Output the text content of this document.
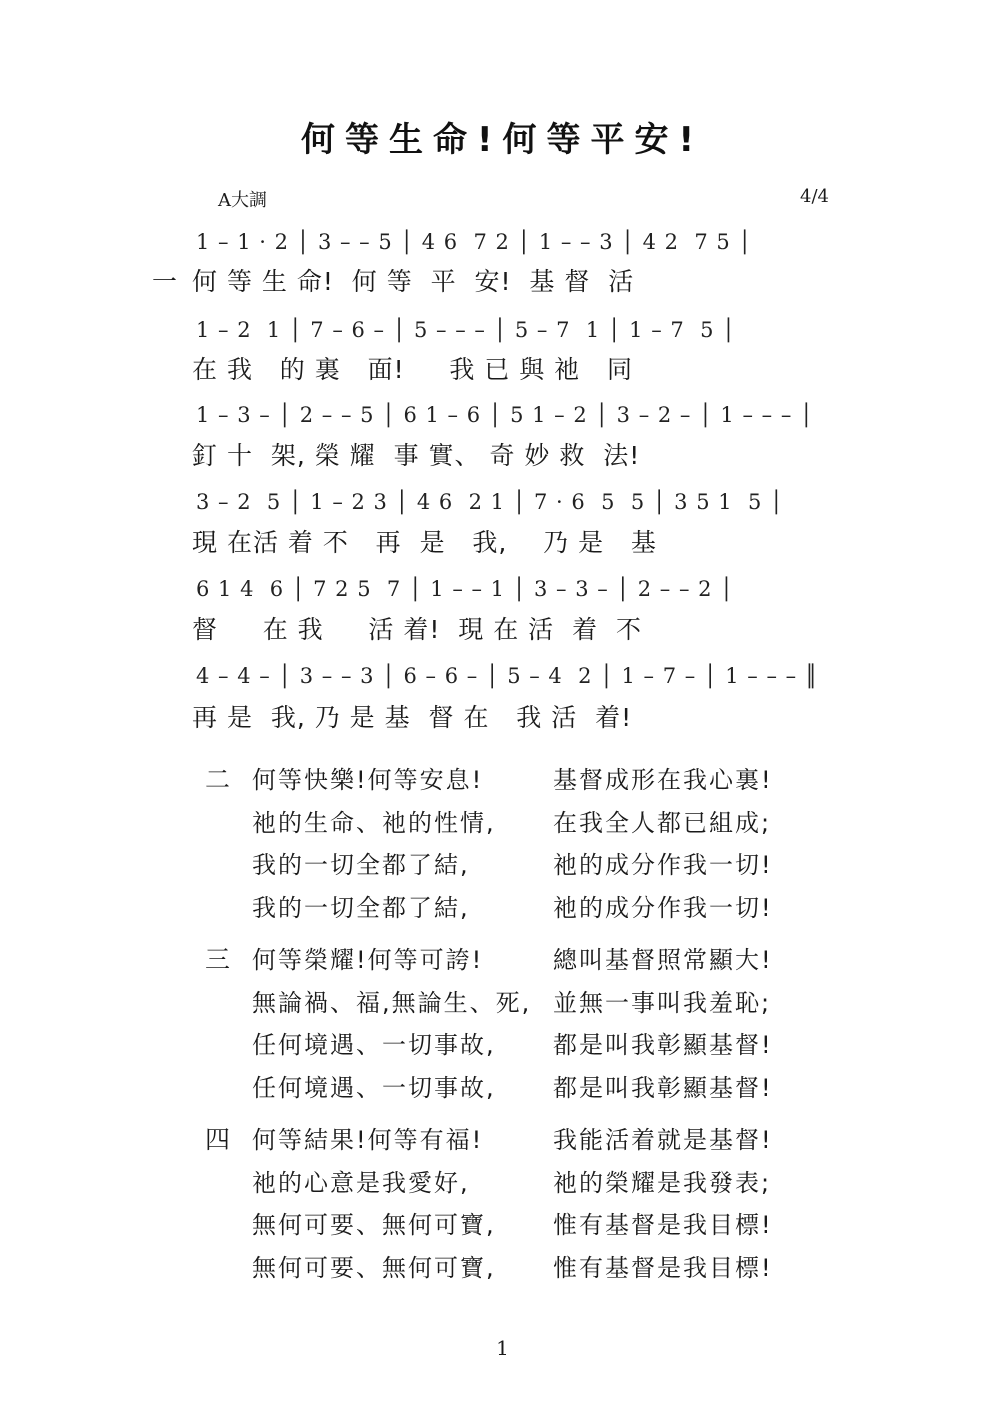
何等生命!何等平安!
A大調	4/4
一
1 – 1 · 2 │ 3 – – 5 │ 4 6  7 2 │ 1 – – 3 │ 4 2  7 5 │
何 等 生 命!  何 等  平  安!  基 督  活
1 – 2  1 │ 7 – 6 – │ 5 – – – │ 5 – 7  1 │ 1 – 7  5 │
在 我   的 裏   面!     我 已 與 祂   同
1 – 3 – │ 2 – – 5 │ 6 1 – 6 │ 5 1 – 2 │ 3 – 2 – │ 1 – – – │
釘 十  架, 榮 耀  事 實、 奇 妙 救  法!
3 – 2  5 │ 1 – 2 3 │ 4 6  2 1 │ 7 · 6  5  5 │ 3 5 1  5 │
現 在活 着 不   再  是   我,    乃 是   基
6 1 4  6 │ 7 2 5  7 │ 1 – – 1 │ 3 – 3 – │ 2 – – 2 │
督     在 我     活 着!  現 在 活  着  不
4 – 4 – │ 3 – – 3 │ 6 – 6 – │ 5 – 4  2 │ 1 – 7 – │ 1 – – – ║
再 是  我, 乃 是 基  督 在   我 活  着!
二 何等快樂!何等安息!	基督成形在我心裏!
祂的生命、祂的性情, 在我全人都已組成;
我的一切全都了結,	祂的成分作我一切!
我的一切全都了結,	祂的成分作我一切!
三 何等榮耀!何等可誇!	總叫基督照常顯大!
無論禍、福,無論生、死, 並無一事叫我羞恥;
任何境遇、一切事故, 都是叫我彰顯基督!
任何境遇、一切事故, 都是叫我彰顯基督!
四 何等結果!何等有福!	我能活着就是基督!
祂的心意是我愛好,	祂的榮耀是我發表;
無何可要、無何可寶, 惟有基督是我目標!
無何可要、無何可寶, 惟有基督是我目標!
1
